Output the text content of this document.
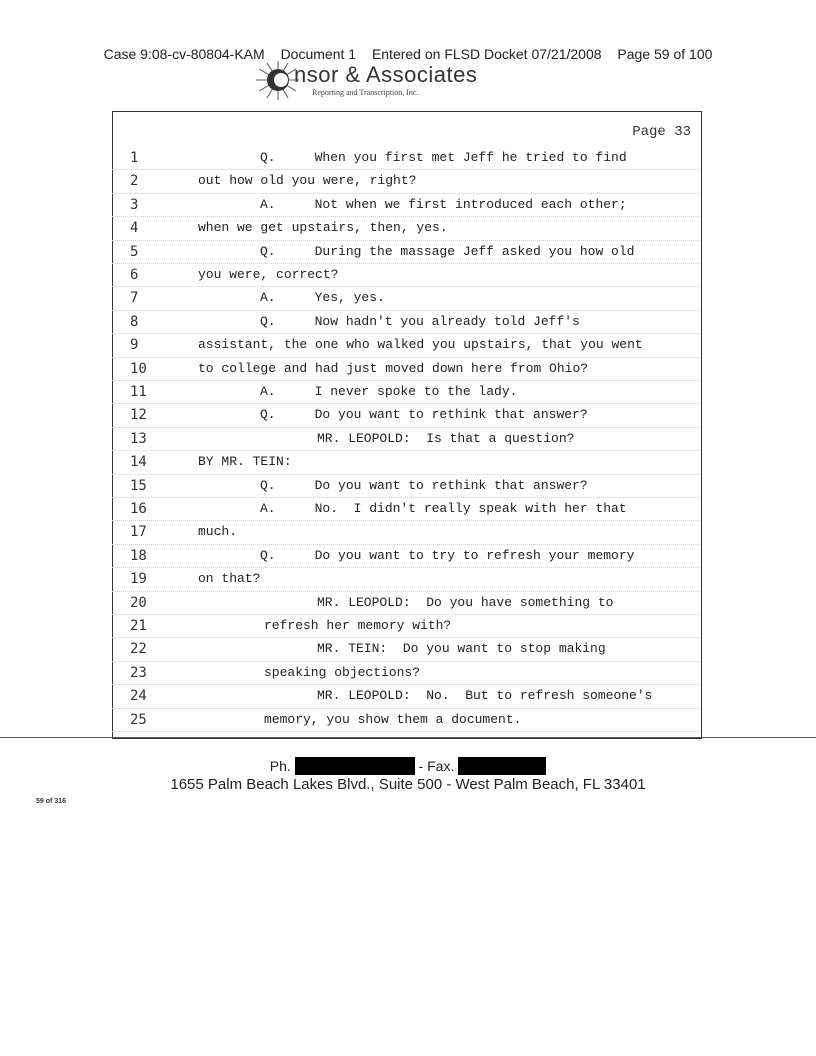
Case 9:08-cv-80804-KAM Document 1 Entered on FLSD Docket 07/21/2008 Page 59 of 100
nsor & Associates
Reporting and Transcription, Inc.
Page 33
1	Q.     When you first met Jeff he tried to find
2	out how old you were, right?
3	A.     Not when we first introduced each other;
4	when we get upstairs, then, yes.
5	Q.     During the massage Jeff asked you how old
6	you were, correct?
7	A.     Yes, yes.
8	Q.     Now hadn't you already told Jeff's
9	assistant, the one who walked you upstairs, that you went
10	to college and had just moved down here from Ohio?
11	A.     I never spoke to the lady.
12	Q.     Do you want to rethink that answer?
13	MR. LEOPOLD:  Is that a question?
14	BY MR. TEIN:
15	Q.     Do you want to rethink that answer?
16	A.     No.  I didn't really speak with her that
17	much.
18	Q.     Do you want to try to refresh your memory
19	on that?
20	MR. LEOPOLD:  Do you have something to
21	refresh her memory with?
22	MR. TEIN:  Do you want to stop making
23	speaking objections?
24	MR. LEOPOLD:  No.  But to refresh someone's
25	memory, you show them a document.
Ph.	- Fax.
1655 Palm Beach Lakes Blvd., Suite 500 - West Palm Beach, FL 33401
59 of 316
